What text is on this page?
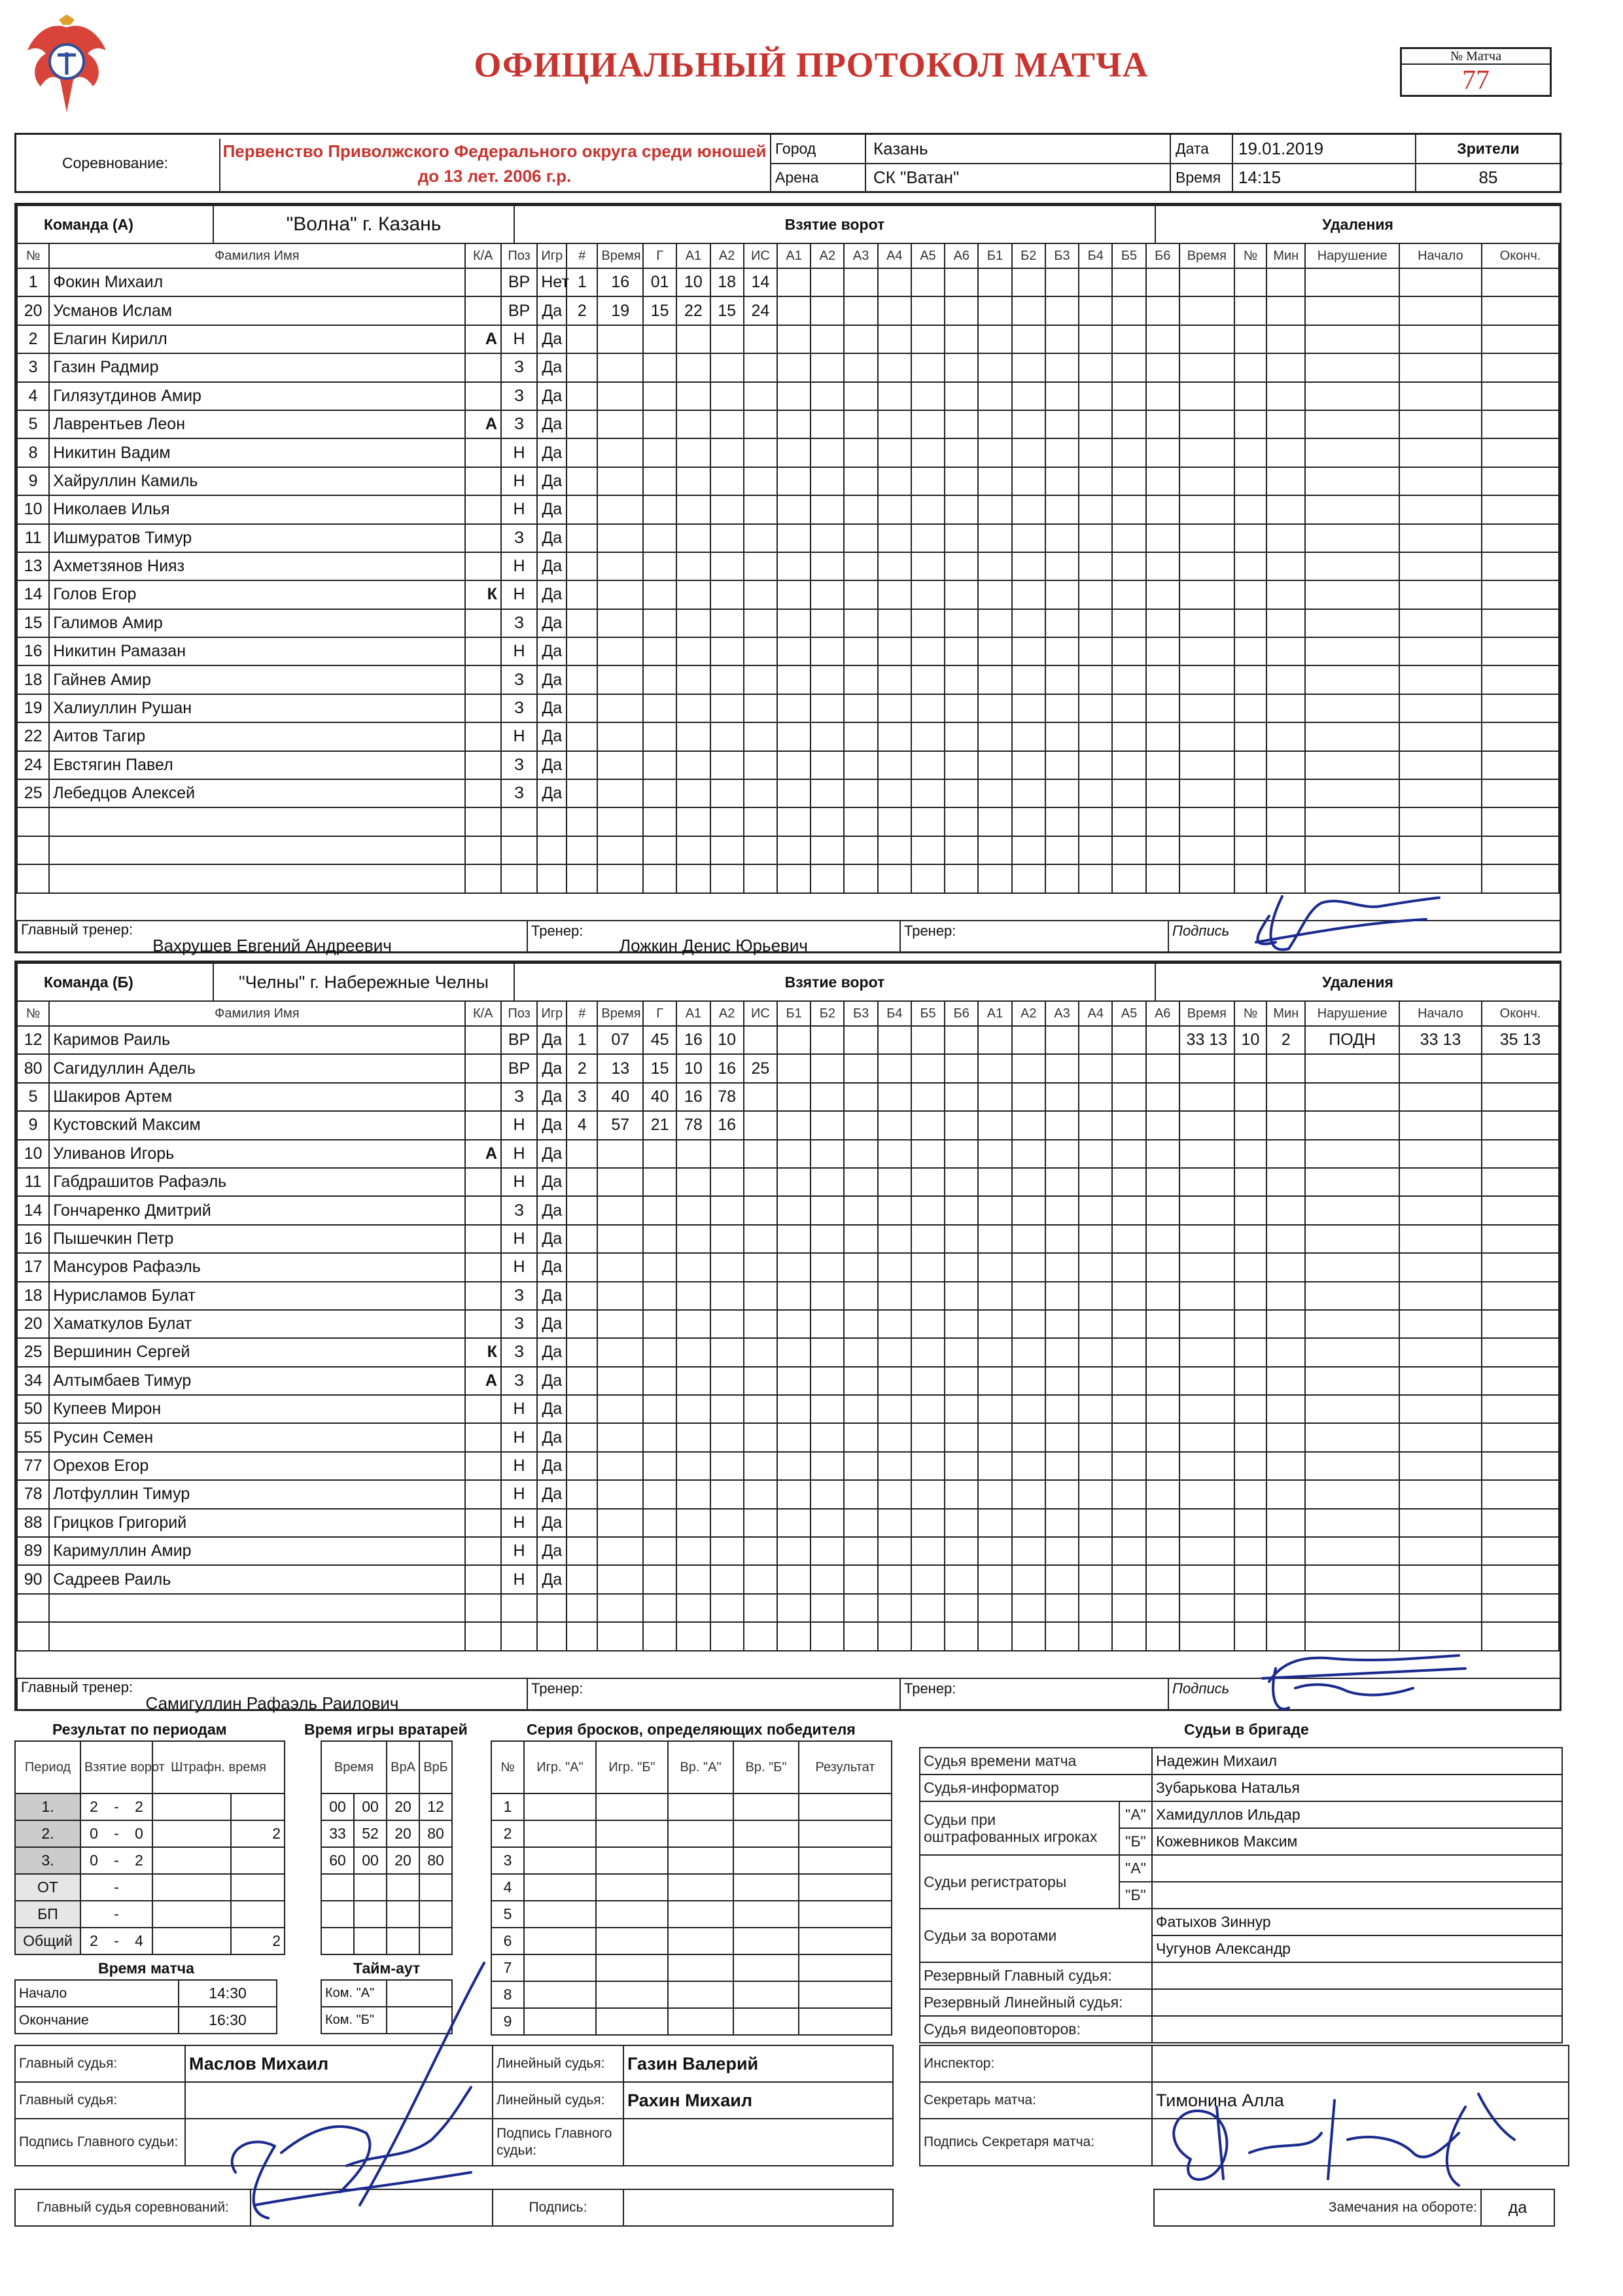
ОФИЦИАЛЬНЫЙ ПРОТОКОЛ МАТЧА	№ Матча
77
Соревнование:
Первенство Приволжского Федерального округа среди юношей до 13 лет. 2006 г.р.
Город
Арена
Казань
СК "Ватан"
Дата
Время
19.01.2019
14:15
Зрители
85
Команда (А)	"Волна" г. Казань	Взятие ворот	Удаления
№	Фамилия Имя	К/А	Поз	Игр	#	Время	Г	А1	А2	ИС	А1	А2	А3	А4	А5	А6	Б1	Б2	Б3	Б4	Б5	Б6	Время	№	Мин	Нарушение	Начало	Оконч.
1	Фокин Михаил		ВР	Нет	1	16	01	10	18	14																		
20	Усманов Ислам		ВР	Да	2	19	15	22	15	24																		
2	Елагин Кирилл	А	Н	Да																								
3	Газин Радмир		З	Да																								
4	Гилязутдинов Амир		З	Да																								
5	Лаврентьев Леон	А	З	Да																								
8	Никитин Вадим		Н	Да																								
9	Хайруллин Камиль		Н	Да																								
10	Николаев Илья		Н	Да																								
11	Ишмуратов Тимур		З	Да																								
13	Ахметзянов Нияз		Н	Да																								
14	Голов Егор	К	Н	Да																								
15	Галимов Амир		З	Да																								
16	Никитин Рамазан		Н	Да																								
18	Гайнев Амир		З	Да																								
19	Халиуллин Рушан		З	Да																								
22	Аитов Тагир		Н	Да																								
24	Евстягин Павел		З	Да																								
25	Лебедцов Алексей		З	Да																								

Главный тренер:
Вахрушев Евгений Андреевич
	Тренер:
Ложкин Денис Юрьевич
	Тренер:	Подпись
Команда (Б)	"Челны" г. Набережные Челны	Взятие ворот	Удаления
№	Фамилия Имя	К/А	Поз	Игр	#	Время	Г	А1	А2	ИС	Б1	Б2	Б3	Б4	Б5	Б6	А1	А2	А3	А4	А5	А6	Время	№	Мин	Нарушение	Начало	Оконч.
12	Каримов Раиль		ВР	Да	1	07	45	16	10														33 13	10	2	ПОДН	33 13	35 13
80	Сагидуллин Адель		ВР	Да	2	13	15	10	16	25																		
5	Шакиров Артем		З	Да	3	40	40	16	78																			
9	Кустовский Максим		Н	Да	4	57	21	78	16																			
10	Уливанов Игорь	А	Н	Да																								
11	Габдрашитов Рафаэль		Н	Да																								
14	Гончаренко Дмитрий		З	Да																								
16	Пышечкин Петр		Н	Да																								
17	Мансуров Рафаэль		Н	Да																								
18	Нурисламов Булат		З	Да																								
20	Хаматкулов Булат		З	Да																								
25	Вершинин Сергей	К	З	Да																								
34	Алтымбаев Тимур	А	З	Да																								
50	Купеев Мирон		Н	Да																								
55	Русин Семен		Н	Да																								
77	Орехов Егор		Н	Да																								
78	Лотфуллин Тимур		Н	Да																								
88	Грицков Григорий		Н	Да																								
89	Каримуллин Амир		Н	Да																								
90	Садреев Раиль		Н	Да																								

Главный тренер:
Самигуллин Рафаэль Раилович
	Тренер:	Тренер:	Подпись
Результат по периодам	Время игры вратарей	Серия бросков, определяющих победителя	Судьи в бригаде
Период	Взятие ворот			Штрафн. время	
1.	2	-	2		
2.	0	-	0		2
3.	0	-	2		
ОТ		-			
БП		-			
Общий	2	-	4		2
Время		ВрА	ВрБ
00	00	20	12
33	52	20	80
60	00	20	80

№	Игр. "А"	Игр. "Б"	Вр. "А"	Вр. "Б"	Результат
1					
2					
3					
4					
5					
6					
7					
8					
9					
Время матча	Тайм-аут
Начало	14:30
Окончание	16:30
Ком. "А"	
Ком. "Б"	

Судья времени матча		Надежин Михаил
Судья-информатор		Зубарькова Наталья
Судьи при оштрафованных игроках	"А"	Хамидуллов Ильдар
	"Б"	Кожевников Максим
Судьи регистраторы	"А"	
	"Б"	
Судьи за воротами		Фатыхов Зиннур
		Чугунов Александр
Резервный Главный судья:		
Резервный Линейный судья:		
Судья видеоповторов:		
Главный судья:	Маслов Михаил	Линейный судья:	Газин Валерий
Главный судья:		Линейный судья:	Рахин Михаил
Подпись Главного судьи:		Подпись Главного судьи:	
Инспектор:	
Секретарь матча:	Тимонина Алла
Подпись Секретаря матча:	
Главный судья соревнований:		Подпись:		Замечания на обороте:	да
